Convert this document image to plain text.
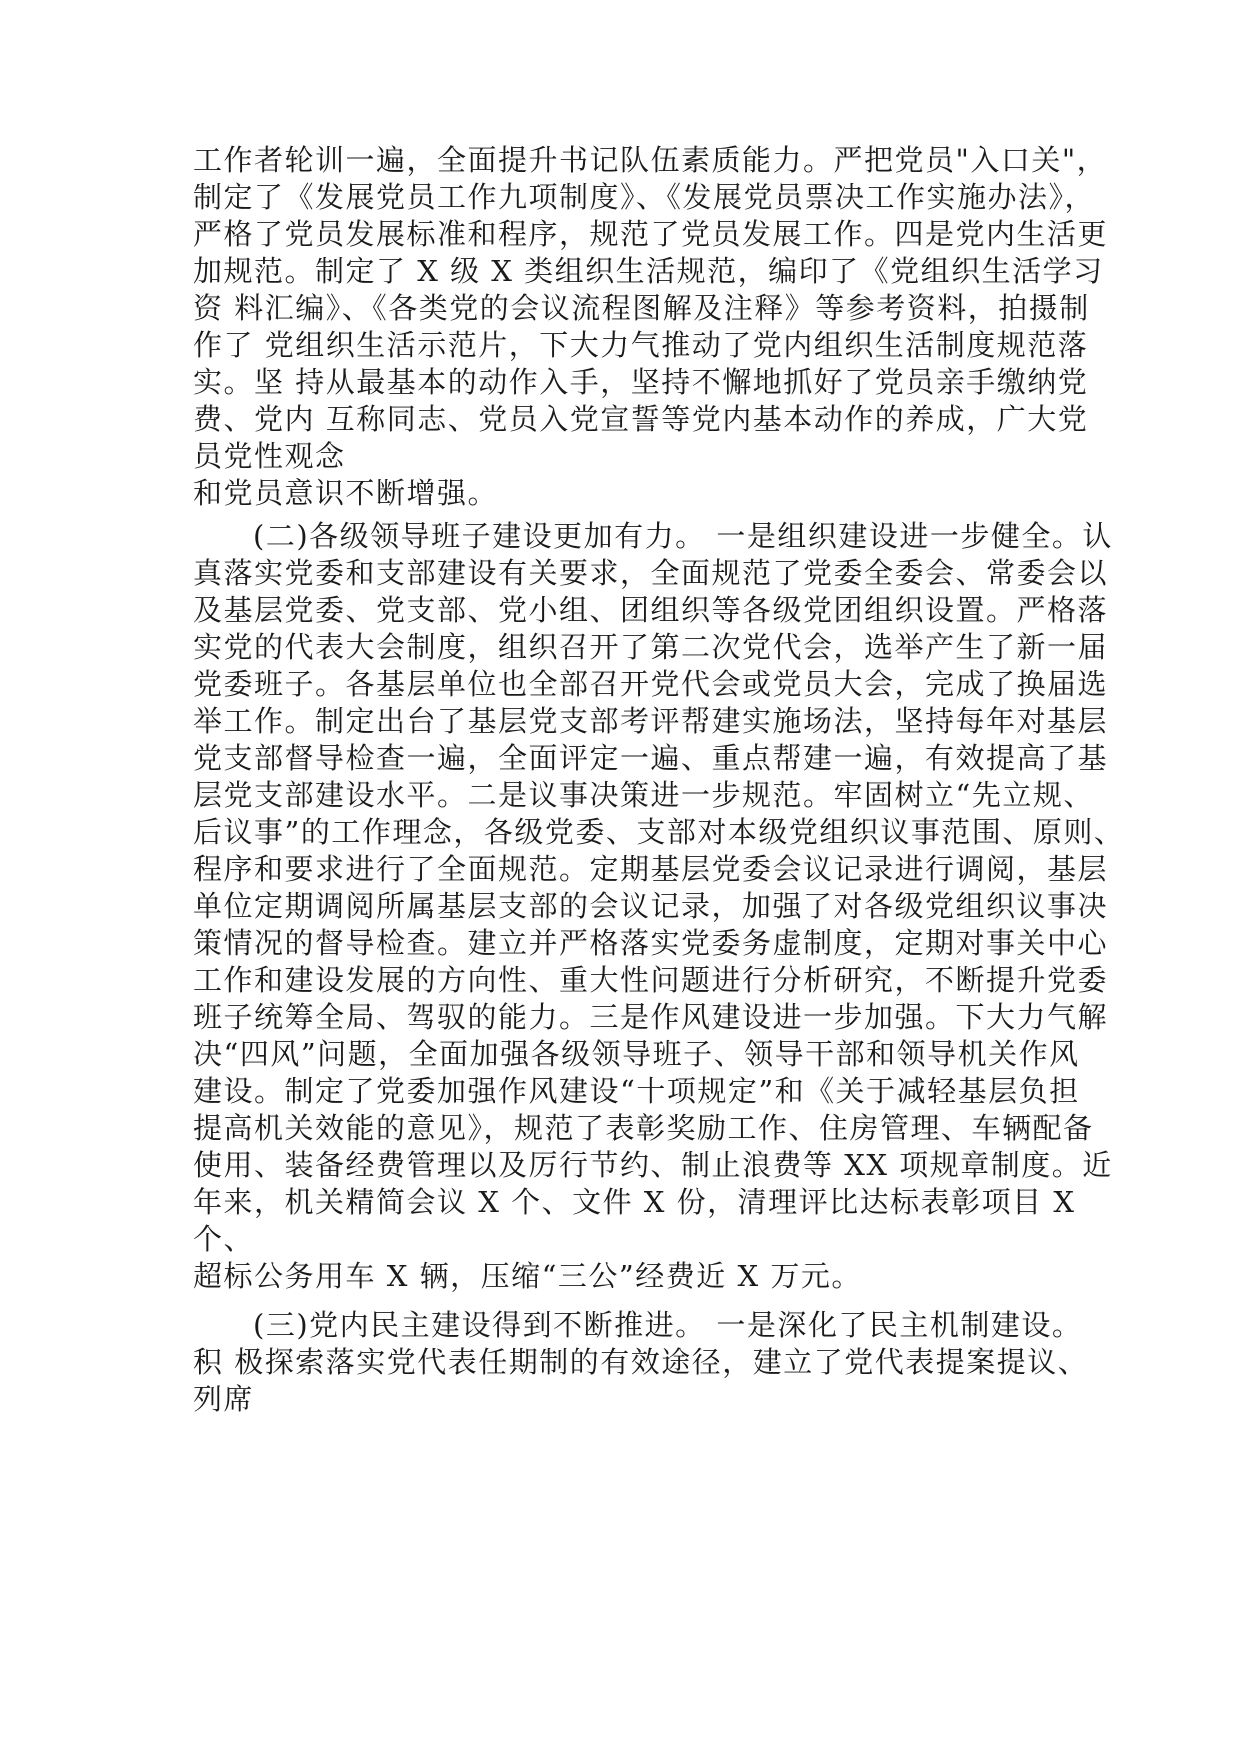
工作者轮训一遍，全面提升书记队伍素质能力。严把党员"入口关"，
制定了《发展党员工作九项制度》、《发展党员票决工作实施办法》，
严格了党员发展标准和程序，规范了党员发展工作。四是党内生活更
加规范。制定了 X 级 X 类组织生活规范，编印了《党组织生活学习
资 料汇编》、《各类党的会议流程图解及注释》等参考资料，拍摄制
作了 党组织生活示范片，下大力气推动了党内组织生活制度规范落
实。坚 持从最基本的动作入手，坚持不懈地抓好了党员亲手缴纳党
费、党内 互称同志、党员入党宣誓等党内基本动作的养成，广大党
员党性观念
和党员意识不断增强。
(二)各级领导班子建设更加有力。 一是组织建设进一步健全。认
真落实党委和支部建设有关要求，全面规范了党委全委会、常委会以
及基层党委、党支部、党小组、团组织等各级党团组织设置。严格落
实党的代表大会制度，组织召开了第二次党代会，选举产生了新一届
党委班子。各基层单位也全部召开党代会或党员大会，完成了换届选
举工作。制定出台了基层党支部考评帮建实施场法，坚持每年对基层
党支部督导检查一遍，全面评定一遍、重点帮建一遍，有效提高了基
层党支部建设水平。二是议事决策进一步规范。牢固树立“先立规、
后议事”的工作理念，各级党委、支部对本级党组织议事范围、原则、
程序和要求进行了全面规范。定期基层党委会议记录进行调阅，基层
单位定期调阅所属基层支部的会议记录，加强了对各级党组织议事决
策情况的督导检查。建立并严格落实党委务虚制度，定期对事关中心
工作和建设发展的方向性、重大性问题进行分析研究，不断提升党委
班子统筹全局、驾驭的能力。三是作风建设进一步加强。下大力气解
决“四风”问题，全面加强各级领导班子、领导干部和领导机关作风
建设。制定了党委加强作风建设“十项规定”和《关于减轻基层负担
提高机关效能的意见》，规范了表彰奖励工作、住房管理、车辆配备
使用、装备经费管理以及厉行节约、制止浪费等 XX 项规章制度。近
年来，机关精简会议 X 个、文件 X 份，清理评比达标表彰项目 X
个、
超标公务用车 X 辆，压缩“三公”经费近 X 万元。
(三)党内民主建设得到不断推进。 一是深化了民主机制建设。
积 极探索落实党代表任期制的有效途径，建立了党代表提案提议、
列席
